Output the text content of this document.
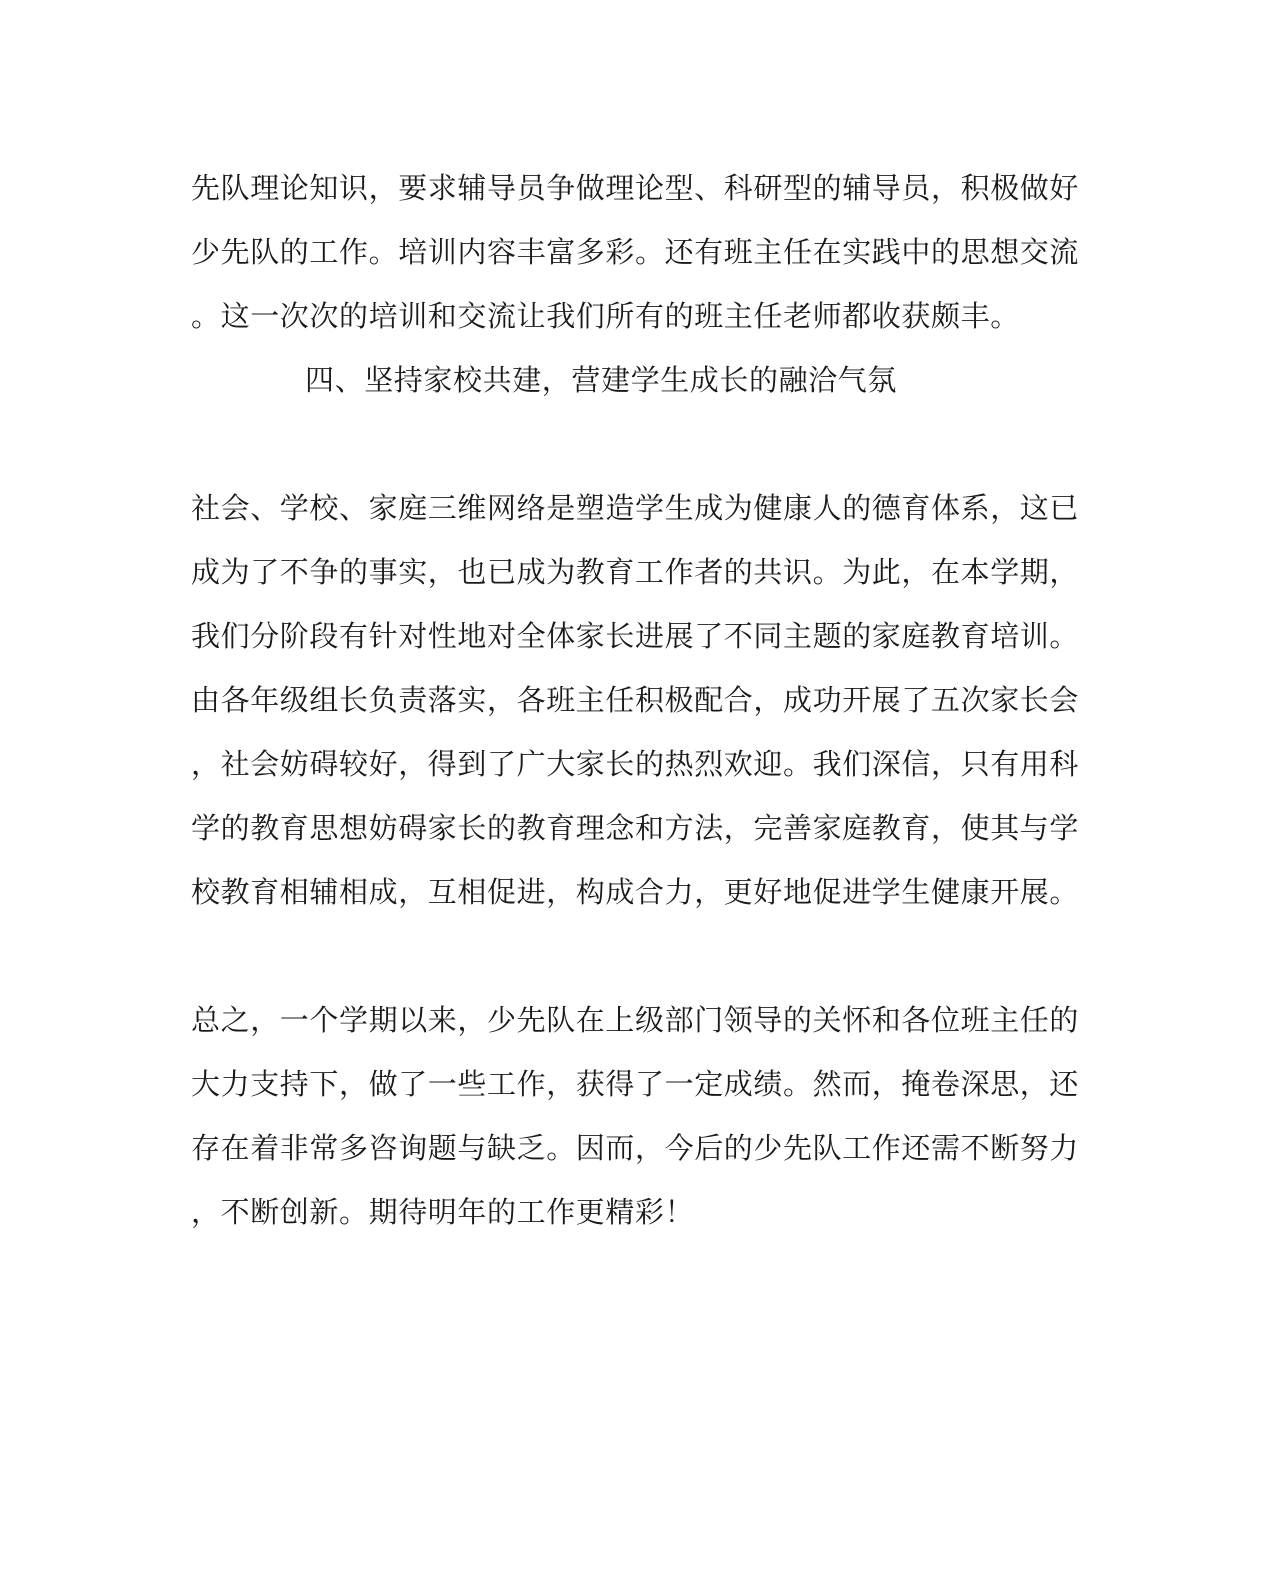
先队理论知识，要求辅导员争做理论型、科研型的辅导员，积极做好
少先队的工作。培训内容丰富多彩。还有班主任在实践中的思想交流
。这一次次的培训和交流让我们所有的班主任老师都收获颇丰。
四、坚持家校共建，营建学生成长的融洽气氛
社会、学校、家庭三维网络是塑造学生成为健康人的德育体系，这已
成为了不争的事实，也已成为教育工作者的共识。为此，在本学期，
我们分阶段有针对性地对全体家长进展了不同主题的家庭教育培训。
由各年级组长负责落实，各班主任积极配合，成功开展了五次家长会
，社会妨碍较好，得到了广大家长的热烈欢迎。我们深信，只有用科
学的教育思想妨碍家长的教育理念和方法，完善家庭教育，使其与学
校教育相辅相成，互相促进，构成合力，更好地促进学生健康开展。
总之，一个学期以来，少先队在上级部门领导的关怀和各位班主任的
大力支持下，做了一些工作，获得了一定成绩。然而，掩卷深思，还
存在着非常多咨询题与缺乏。因而，今后的少先队工作还需不断努力
，不断创新。期待明年的工作更精彩！
